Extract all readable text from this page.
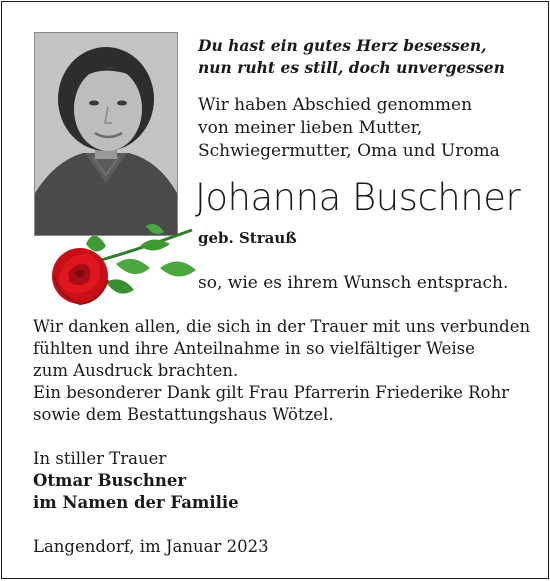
Du hast ein gutes Herz besessen,
nun ruht es still, doch unvergessen
Wir haben Abschied genommen
von meiner lieben Mutter,
Schwiegermutter, Oma und Uroma
Johanna Buschner
geb. Strauß
so, wie es ihrem Wunsch entsprach.
Wir danken allen, die sich in der Trauer mit uns verbunden
fühlten und ihre Anteilnahme in so vielfältiger Weise
zum Ausdruck brachten.
Ein besonderer Dank gilt Frau Pfarrerin Friederike Rohr
sowie dem Bestattungshaus Wötzel.
In stiller Trauer
Otmar Buschner
im Namen der Familie
Langendorf, im Januar 2023
